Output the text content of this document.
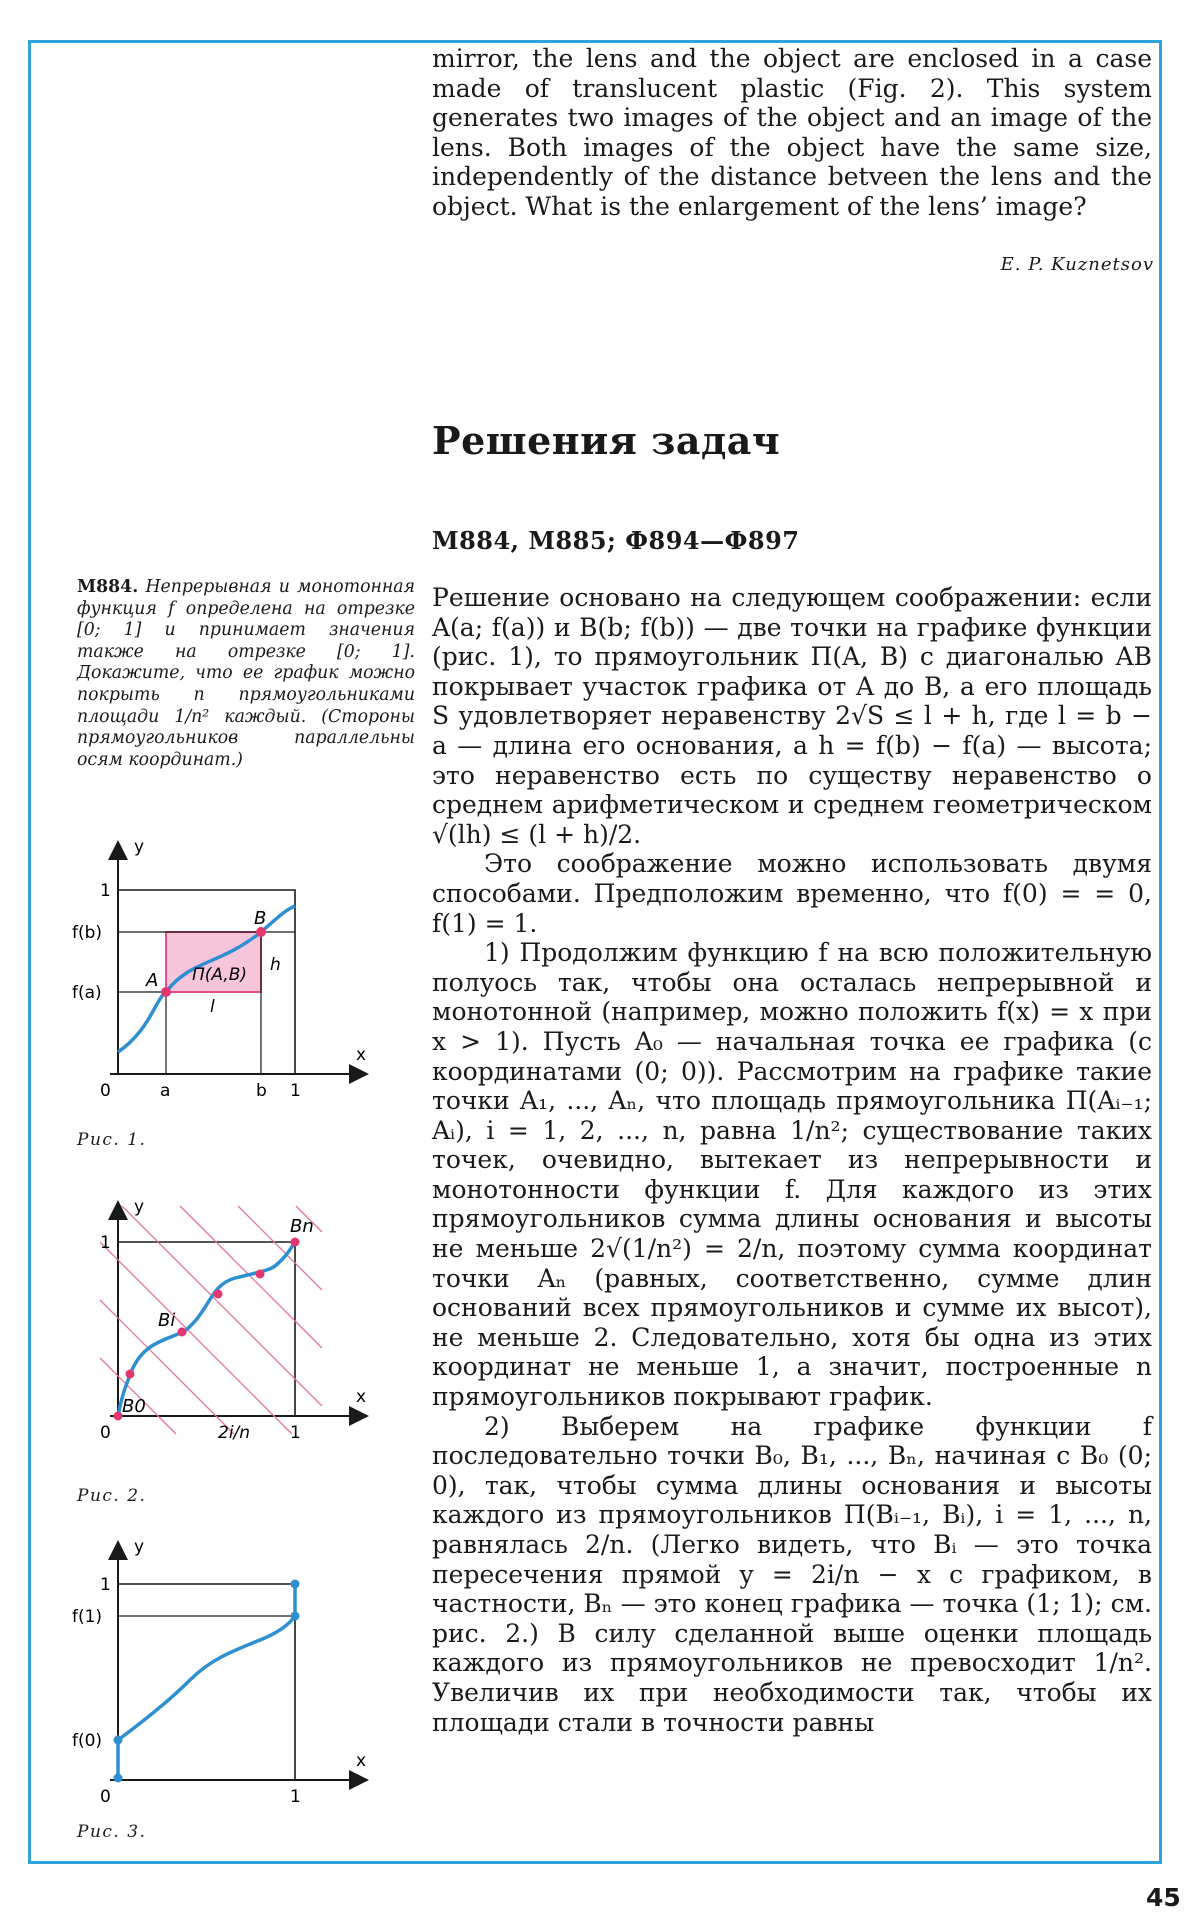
mirror, the lens and the object are enclosed in a case made of translucent plastic (Fig. 2). This system generates two images of the object and an image of the lens. Both images of the object have the same size, independently of the distance betveen the lens and the object. What is the enlargement of the lens’ image?

E. P. Kuznetsov
Решения задач
М884, М885; Ф894—Ф897
М884. Непрерывная и монотонная функция f определена на отрезке [0; 1] и принимает значения также на отрезке [0; 1]. Докажите, что ее график можно покрыть n прямоугольниками площади 1/n² каждый. (Стороны прямоугольников параллельны осям координат.)

Решение основано на следующем соображении: если A(a; f(a)) и B(b; f(b)) — две точки на графике функции (рис. 1), то прямоугольник П(A, B) с диагональю AB покрывает участок графика от A до B, а его площадь S удовлетворяет неравенству 2√S ≤ l + h, где l = b − a — длина его основания, а h = f(b) − f(a) — высота; это неравенство есть по существу неравенство о среднем арифметическом и среднем геометрическом √(lh) ≤ (l + h)/2.

Это соображение можно использовать двумя способами. Предположим временно, что f(0) = = 0, f(1) = 1.

1) Продолжим функцию f на всю положительную полуось так, чтобы она осталась непрерывной и монотонной (например, можно положить f(x) = x при x > 1). Пусть A₀ — начальная точка ее графика (с координатами (0; 0)). Рассмотрим на графике такие точки A₁, ..., Aₙ, что площадь прямоугольника П(Aᵢ₋₁; Aᵢ), i = 1, 2, ..., n, равна 1/n²; существование таких точек, очевидно, вытекает из непрерывности и монотонности функции f. Для каждого из этих прямоугольников сумма длины основания и высоты не меньше 2√(1/n²) = 2/n, поэтому сумма координат точки Aₙ (равных, соответственно, сумме длин оснований всех прямоугольников и сумме их высот), не меньше 2. Следовательно, хотя бы одна из этих координат не меньше 1, а значит, построенные n прямоугольников покрывают график.

2) Выберем на графике функции f последовательно точки B₀, B₁, ..., Bₙ, начиная с B₀ (0; 0), так, чтобы сумма длины основания и высоты каждого из прямоугольников П(Bᵢ₋₁, Bᵢ), i = 1, ..., n, равнялась 2/n. (Легко видеть, что Bᵢ — это точка пересечения прямой y = 2i/n − x с графиком, в частности, Bₙ — это конец графика — точка (1; 1); см. рис. 2.) В силу сделанной выше оценки площадь каждого из прямоугольников не превосходит 1/n². Увеличив их при необходимости так, чтобы их площади стали в точности равны

y
x
1
f(b)
f(a)
0	a	b 1
A
B
П(A,B) h
l
Рис. 1.
y
x
1
0	2i/n 1
Bn
Bi
B0
Рис. 2.
y
x
1
f(1)
f(0)
0	1
Рис. 3.
45
